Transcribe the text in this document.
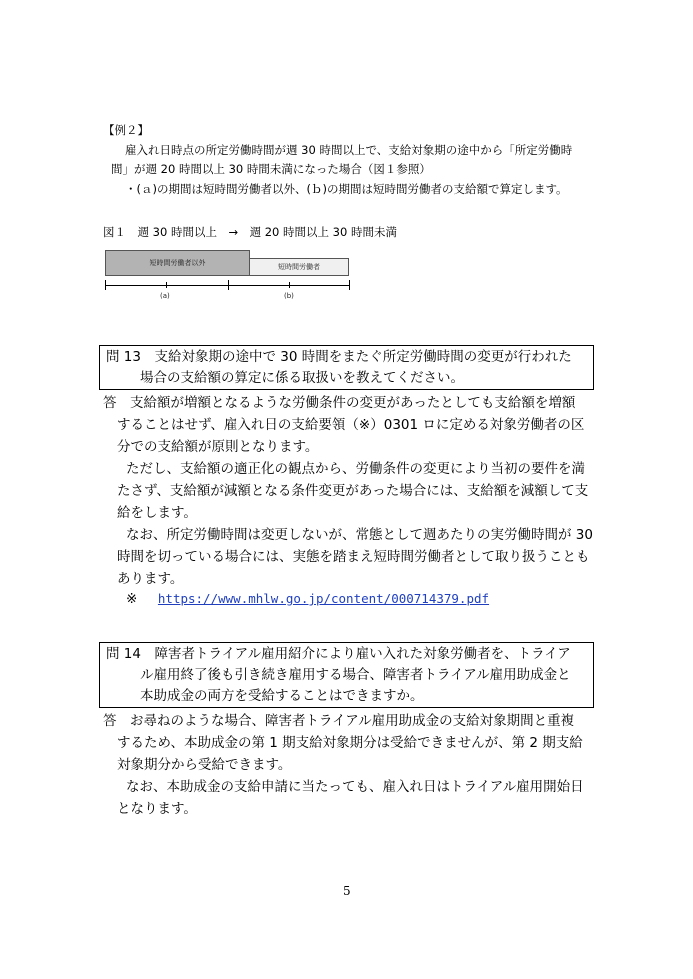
【例２】
雇入れ日時点の所定労働時間が週 30 時間以上で、支給対象期の途中から「所定労働時
間」が週 20 時間以上 30 時間未満になった場合（図１参照）
・(ａ)の期間は短時間労働者以外、(ｂ)の期間は短時間労働者の支給額で算定します。
図１　週 30 時間以上　→　週 20 時間以上 30 時間未満
短時間労働者以外	短時間労働者
(a)	(b)
問 13　支給対象期の途中で 30 時間をまたぐ所定労働時間の変更が行われた
場合の支給額の算定に係る取扱いを教えてください。
答　支給額が増額となるような労働条件の変更があったとしても支給額を増額
することはせず、雇入れ日の支給要領（※）0301 ロに定める対象労働者の区
分での支給額が原則となります。
ただし、支給額の適正化の観点から、労働条件の変更により当初の要件を満
たさず、支給額が減額となる条件変更があった場合には、支給額を減額して支
給をします。
なお、所定労働時間は変更しないが、常態として週あたりの実労働時間が 30
時間を切っている場合には、実態を踏まえ短時間労働者として取り扱うことも
あります。
※ https://www.mhlw.go.jp/content/000714379.pdf
問 14　障害者トライアル雇用紹介により雇い入れた対象労働者を、トライア
ル雇用終了後も引き続き雇用する場合、障害者トライアル雇用助成金と
本助成金の両方を受給することはできますか。
答　お尋ねのような場合、障害者トライアル雇用助成金の支給対象期間と重複
するため、本助成金の第 1 期支給対象期分は受給できませんが、第 2 期支給
対象期分から受給できます。
なお、本助成金の支給申請に当たっても、雇入れ日はトライアル雇用開始日
となります。
5
